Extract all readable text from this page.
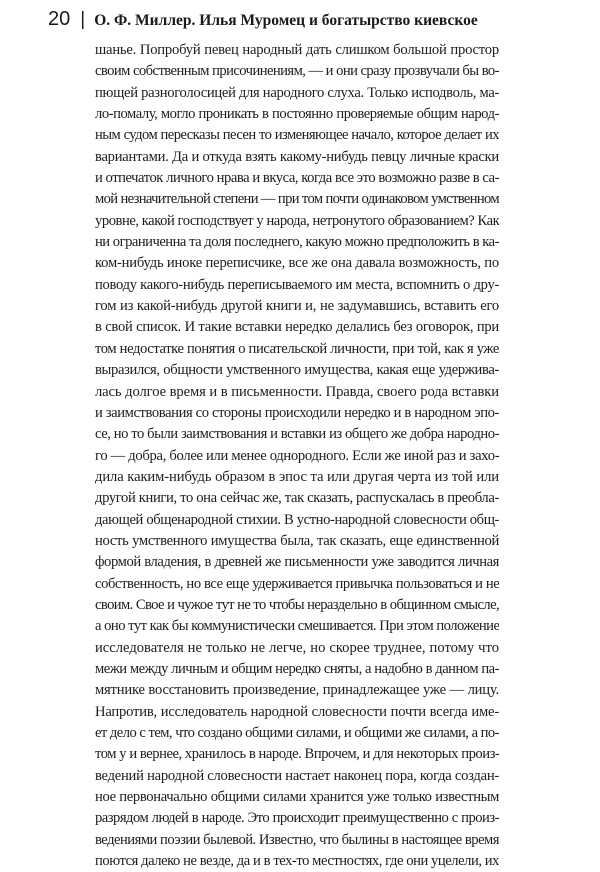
20 | О. Ф. Миллер. Илья Муромец и богатырство киевское
шанье. Попробуй певец народный дать слишком большой простор
своим собственным присочинениям, — и они сразу прозвучали бы во-
пющей разноголосицей для народного слуха. Только исподволь, ма-
ло-помалу, могло проникать в постоянно проверяемые общим народ-
ным судом пересказы песен то изменяющее начало, которое делает их
вариантами. Да и откуда взять какому-нибудь певцу личные краски
и отпечаток личного нрава и вкуса, когда все это возможно разве в са-
мой незначительной степени — при том почти одинаковом умственном
уровне, какой господствует у народа, нетронутого образованием? Как
ни ограниченна та доля последнего, какую можно предположить в ка-
ком-нибудь иноке переписчике, все же она давала возможность, по
поводу какого-нибудь переписываемого им места, вспомнить о дру-
гом из какой-нибудь другой книги и, не задумавшись, вставить его
в свой список. И такие вставки нередко делались без оговорок, при
том недостатке понятия о писательской личности, при той, как я уже
выразился, общности умственного имущества, какая еще удержива-
лась долгое время и в письменности. Правда, своего рода вставки
и заимствования со стороны происходили нередко и в народном эпо-
се, но то были заимствования и вставки из общего же добра народно-
го — добра, более или менее однородного. Если же иной раз и захо-
дила каким-нибудь образом в эпос та или другая черта из той или
другой книги, то она сейчас же, так сказать, распускалась в преобла-
дающей общенародной стихии. В устно-народной словесности общ-
ность умственного имущества была, так сказать, еще единственной
формой владения, в древней же письменности уже заводится личная
собственность, но все еще удерживается привычка пользоваться и не
своим. Свое и чужое тут не то чтобы нераздельно в общинном смысле,
а оно тут как бы коммунистически смешивается. При этом положение
исследователя не только не легче, но скорее труднее, потому что
межи между личным и общим нередко сняты, а надобно в данном па-
мятнике восстановить произведение, принадлежащее уже — лицу.
Напротив, исследователь народной словесности почти всегда име-
ет дело с тем, что создано общими силами, и общими же силами, а по-
том у и вернее, хранилось в народе. Впрочем, и для некоторых произ-
ведений народной словесности настает наконец пора, когда создан-
ное первоначально общими силами хранится уже только известным
разрядом людей в народе. Это происходит преимущественно с произ-
ведениями поэзии былевой. Известно, что былины в настоящее время
поются далеко не везде, да и в тех-то местностях, где они уцелели, их
